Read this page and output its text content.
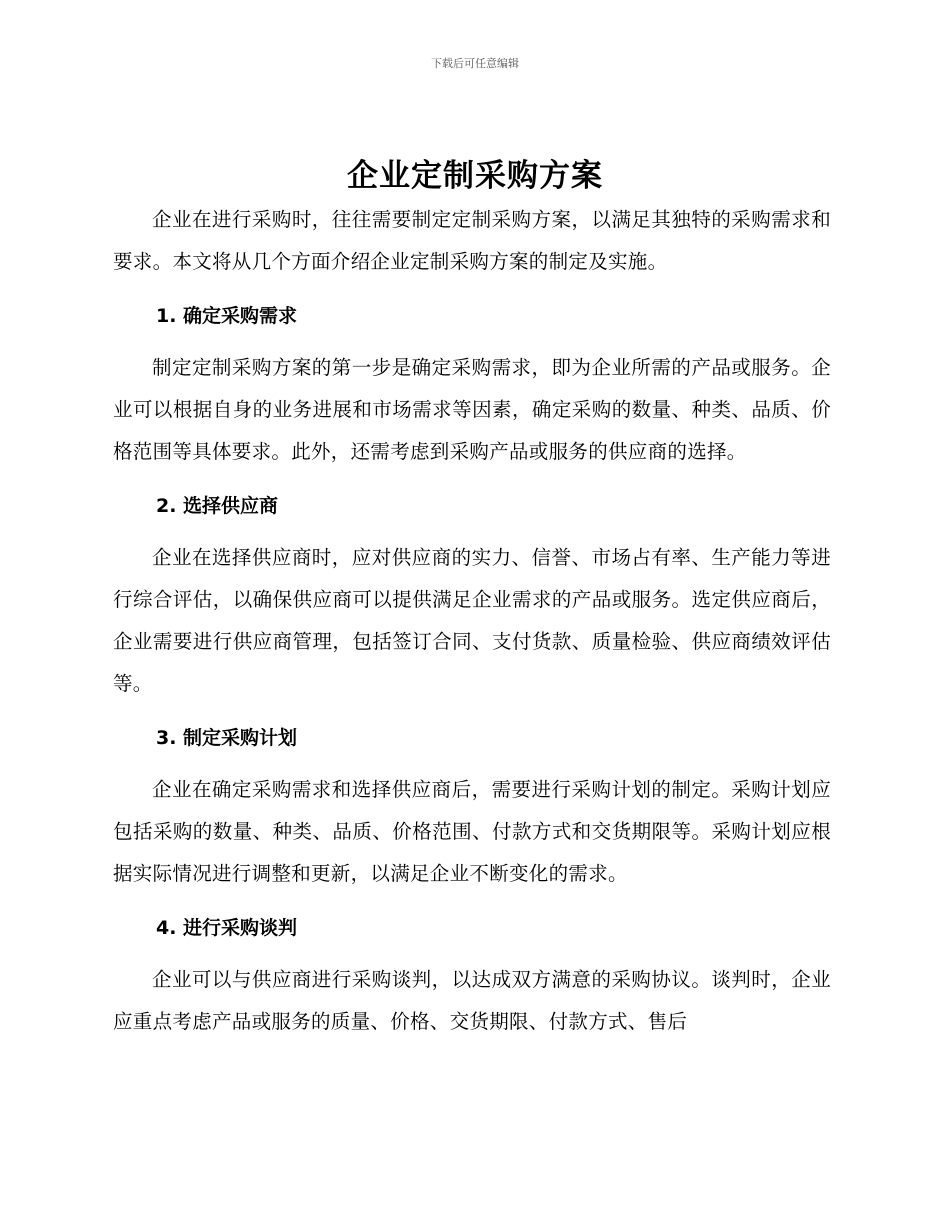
下载后可任意编辑
企业定制采购方案

企业在进行采购时，往往需要制定定制采购方案，以满足其独特的采购需求和要求。本文将从几个方面介绍企业定制采购方案的制定及实施。

1. 确定采购需求

制定定制采购方案的第一步是确定采购需求，即为企业所需的产品或服务。企业可以根据自身的业务进展和市场需求等因素，确定采购的数量、种类、品质、价格范围等具体要求。此外，还需考虑到采购产品或服务的供应商的选择。

2. 选择供应商

企业在选择供应商时，应对供应商的实力、信誉、市场占有率、生产能力等进行综合评估，以确保供应商可以提供满足企业需求的产品或服务。选定供应商后，企业需要进行供应商管理，包括签订合同、支付货款、质量检验、供应商绩效评估等。

3. 制定采购计划

企业在确定采购需求和选择供应商后，需要进行采购计划的制定。采购计划应包括采购的数量、种类、品质、价格范围、付款方式和交货期限等。采购计划应根据实际情况进行调整和更新，以满足企业不断变化的需求。

4. 进行采购谈判

企业可以与供应商进行采购谈判，以达成双方满意的采购协议。谈判时，企业应重点考虑产品或服务的质量、价格、交货期限、付款方式、售后
